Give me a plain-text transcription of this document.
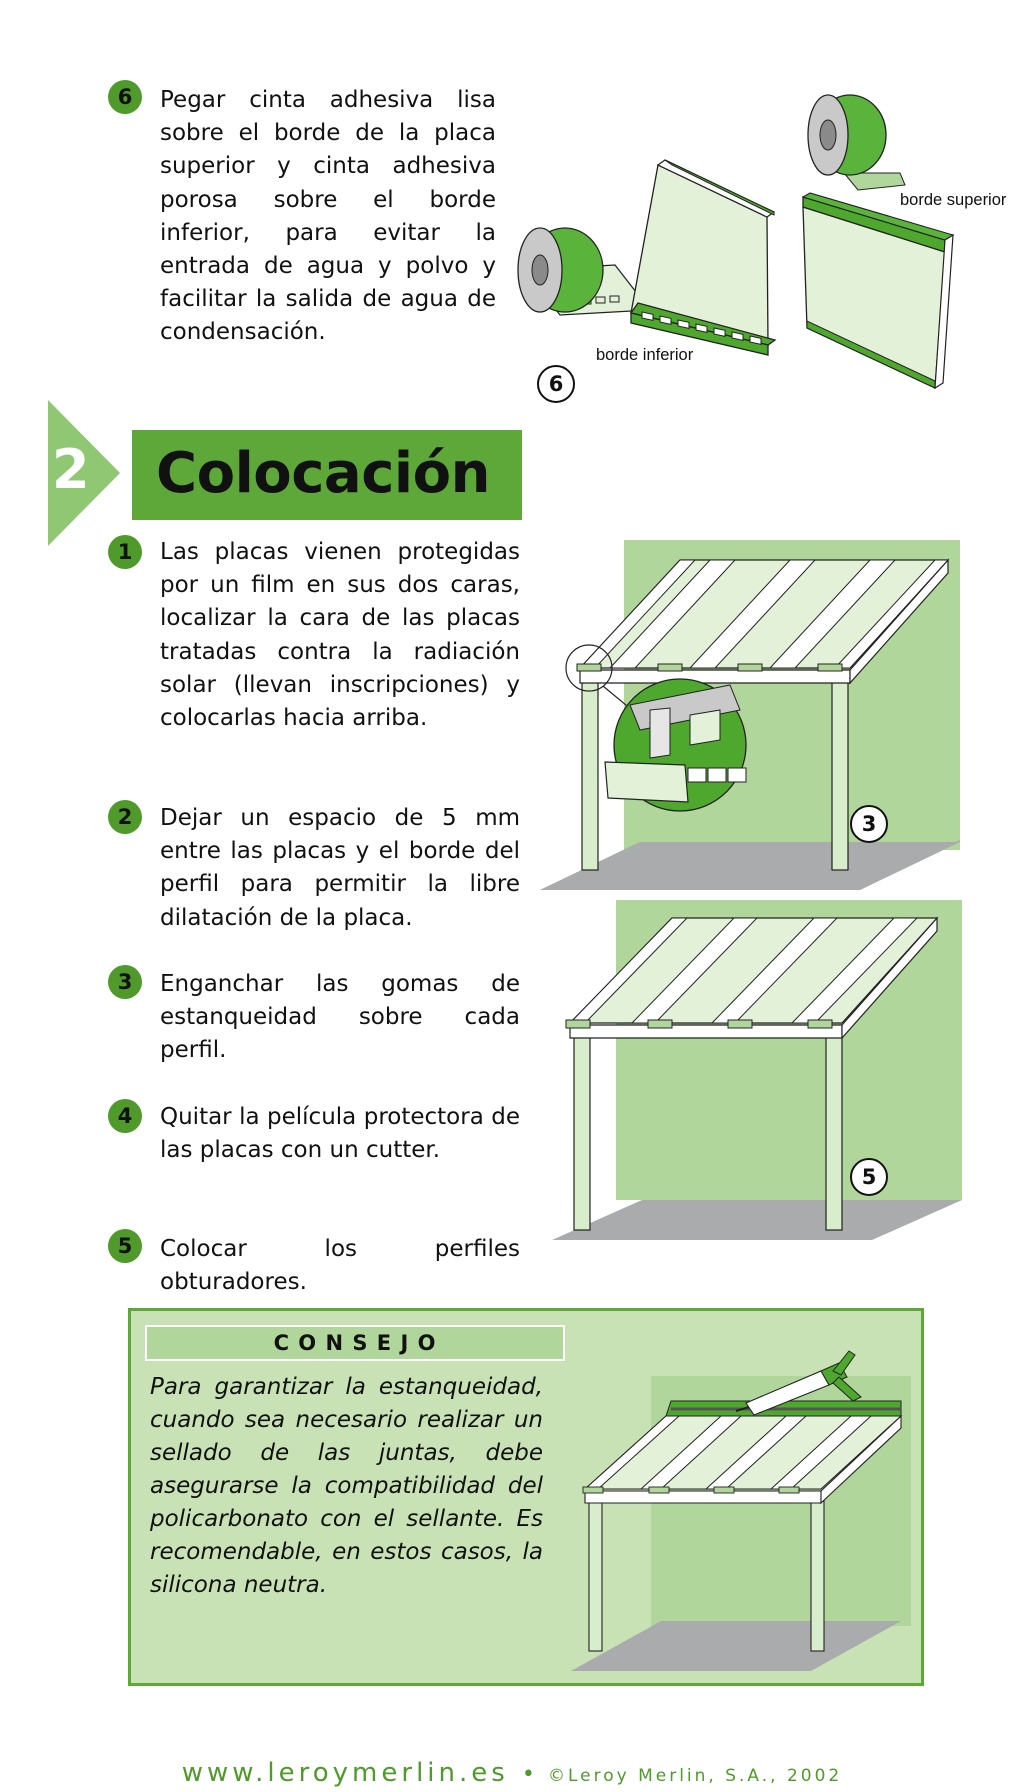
6	Pegar cinta adhesiva lisa sobre el borde de la placa superior y cinta adhesiva porosa sobre el borde inferior, para evitar la entrada de agua y polvo y facilitar la salida de agua de condensación.
borde inferior
borde superior
6
2 Colocación
1	Las placas vienen protegidas por un film en sus dos caras, localizar la cara de las placas tratadas contra la radiación solar (llevan inscripciones) y colocarlas hacia arriba.
2	Dejar un espacio de 5 mm entre las placas y el borde del perfil para permitir la libre dilatación de la placa.
3	Enganchar las gomas de estanqueidad sobre cada perfil.
4	Quitar la película protectora de las placas con un cutter.
5	Colocar los perfiles obturadores.
3
5
C O N S E J O
Para garantizar la estanqueidad, cuando sea necesario realizar un sellado de las juntas, debe asegurarse la compatibilidad del policarbonato con el sellante. Es recomendable, en estos casos, la silicona neutra.
www.leroymerlin.es • ©Leroy Merlin, S.A., 2002
